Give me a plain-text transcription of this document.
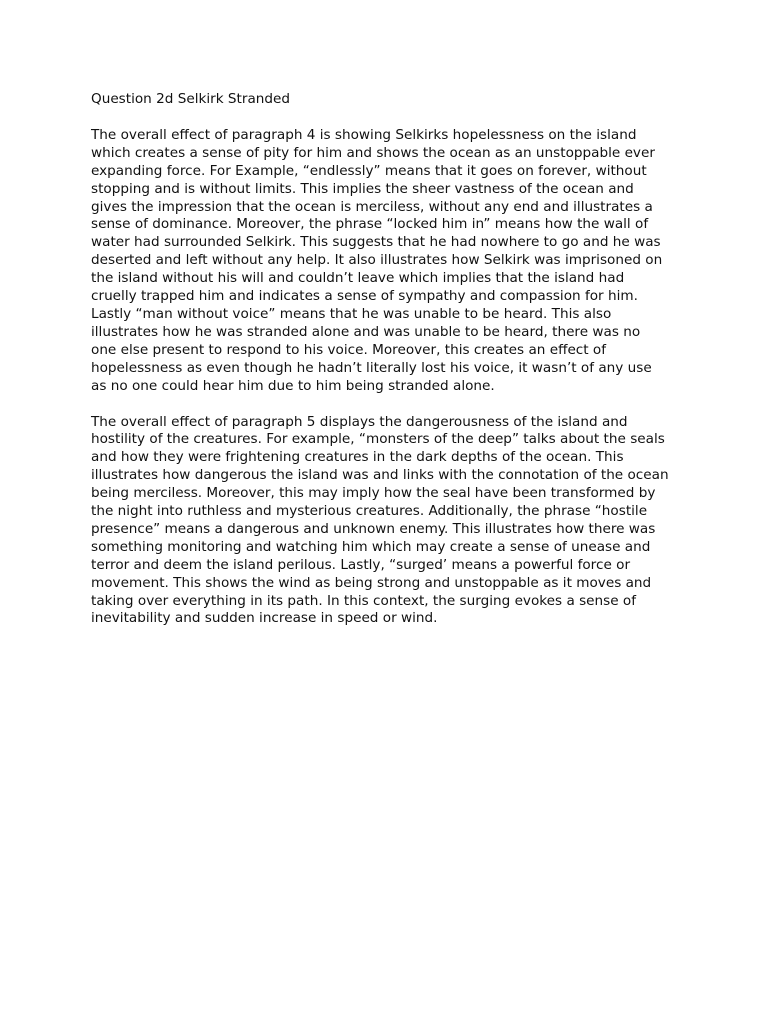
Question 2d Selkirk Stranded
The overall effect of paragraph 4 is showing Selkirks hopelessness on the island
which creates a sense of pity for him and shows the ocean as an unstoppable ever
expanding force. For Example, “endlessly” means that it goes on forever, without
stopping and is without limits. This implies the sheer vastness of the ocean and
gives the impression that the ocean is merciless, without any end and illustrates a
sense of dominance. Moreover, the phrase “locked him in” means how the wall of
water had surrounded Selkirk. This suggests that he had nowhere to go and he was
deserted and left without any help. It also illustrates how Selkirk was imprisoned on
the island without his will and couldn’t leave which implies that the island had
cruelly trapped him and indicates a sense of sympathy and compassion for him.
Lastly “man without voice” means that he was unable to be heard. This also
illustrates how he was stranded alone and was unable to be heard, there was no
one else present to respond to his voice. Moreover, this creates an effect of
hopelessness as even though he hadn’t literally lost his voice, it wasn’t of any use
as no one could hear him due to him being stranded alone.
The overall effect of paragraph 5 displays the dangerousness of the island and
hostility of the creatures. For example, “monsters of the deep” talks about the seals
and how they were frightening creatures in the dark depths of the ocean. This
illustrates how dangerous the island was and links with the connotation of the ocean
being merciless. Moreover, this may imply how the seal have been transformed by
the night into ruthless and mysterious creatures. Additionally, the phrase “hostile
presence” means a dangerous and unknown enemy. This illustrates how there was
something monitoring and watching him which may create a sense of unease and
terror and deem the island perilous. Lastly, “surged’ means a powerful force or
movement. This shows the wind as being strong and unstoppable as it moves and
taking over everything in its path. In this context, the surging evokes a sense of
inevitability and sudden increase in speed or wind.
